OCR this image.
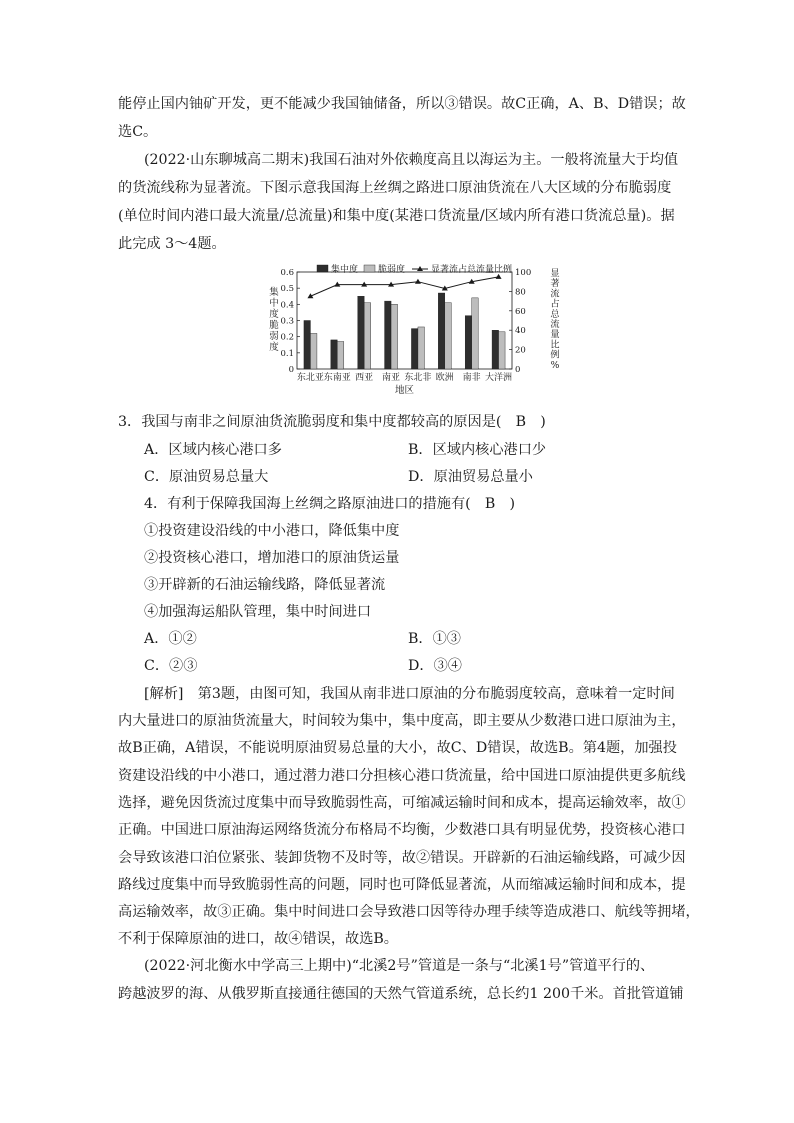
能停止国内铀矿开发，更不能减少我国铀储备，所以③错误。故C正确，A、B、D错误；故
选C。
(2022·山东聊城高二期末)我国石油对外依赖度高且以海运为主。一般将流量大于均值
的货流线称为显著流。下图示意我国海上丝绸之路进口原油货流在八大区域的分布脆弱度
(单位时间内港口最大流量/总流量)和集中度(某港口货流量/区域内所有港口货流总量)。据
此完成 3～4题。
0
0.1
0.2
0.3
0.4
0.5
0.6
0
20
40
60
80
100
集中度 脆弱度	显著流占总流量比例
集
中
度
脆
弱
度
显
著
流
占
总
流
量
比
例
%
东北亚 东南亚 西亚 南亚 东北非 欧洲 南非 大洋洲
地区
3．我国与南非之间原油货流脆弱度和集中度都较高的原因是(　B　)
A．区域内核心港口多	B．区域内核心港口少
C．原油贸易总量大	D．原油贸易总量小
4．有利于保障我国海上丝绸之路原油进口的措施有(　B　)
①投资建设沿线的中小港口，降低集中度
②投资核心港口，增加港口的原油货运量
③开辟新的石油运输线路，降低显著流
④加强海运船队管理，集中时间进口
A．①②	B．①③
C．②③	D．③④
[解析]　第3题，由图可知，我国从南非进口原油的分布脆弱度较高，意味着一定时间
内大量进口的原油货流量大，时间较为集中，集中度高，即主要从少数港口进口原油为主，
故B正确，A错误，不能说明原油贸易总量的大小，故C、D错误，故选B。第4题，加强投
资建设沿线的中小港口，通过潜力港口分担核心港口货流量，给中国进口原油提供更多航线
选择，避免因货流过度集中而导致脆弱性高，可缩减运输时间和成本，提高运输效率，故①
正确。中国进口原油海运网络货流分布格局不均衡，少数港口具有明显优势，投资核心港口
会导致该港口泊位紧张、装卸货物不及时等，故②错误。开辟新的石油运输线路，可减少因
路线过度集中而导致脆弱性高的问题，同时也可降低显著流，从而缩减运输时间和成本，提
高运输效率，故③正确。集中时间进口会导致港口因等待办理手续等造成港口、航线等拥堵，
不利于保障原油的进口，故④错误，故选B。
(2022·河北衡水中学高三上期中)“北溪2号”管道是一条与“北溪1号”管道平行的、
跨越波罗的海、从俄罗斯直接通往德国的天然气管道系统，总长约1 200千米。首批管道铺
